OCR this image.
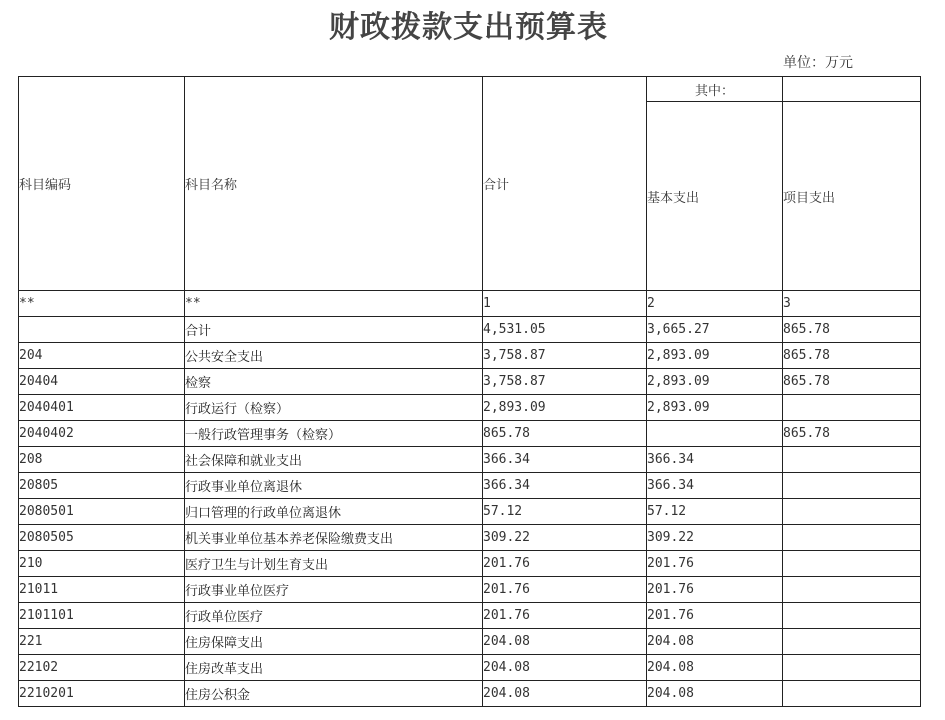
财政拨款支出预算表
单位：万元
科目编码	科目名称	合计	其中：	
			基本支出	项目支出
**	**	1	2	3
	合计	4,531.05	3,665.27	865.78
204	公共安全支出	3,758.87	2,893.09	865.78
20404	检察	3,758.87	2,893.09	865.78
2040401	行政运行（检察）	2,893.09	2,893.09	
2040402	一般行政管理事务（检察）	865.78		865.78
208	社会保障和就业支出	366.34	366.34	
20805	行政事业单位离退休	366.34	366.34	
2080501	归口管理的行政单位离退休	57.12	57.12	
2080505	机关事业单位基本养老保险缴费支出	309.22	309.22	
210	医疗卫生与计划生育支出	201.76	201.76	
21011	行政事业单位医疗	201.76	201.76	
2101101	行政单位医疗	201.76	201.76	
221	住房保障支出	204.08	204.08	
22102	住房改革支出	204.08	204.08	
2210201	住房公积金	204.08	204.08	
